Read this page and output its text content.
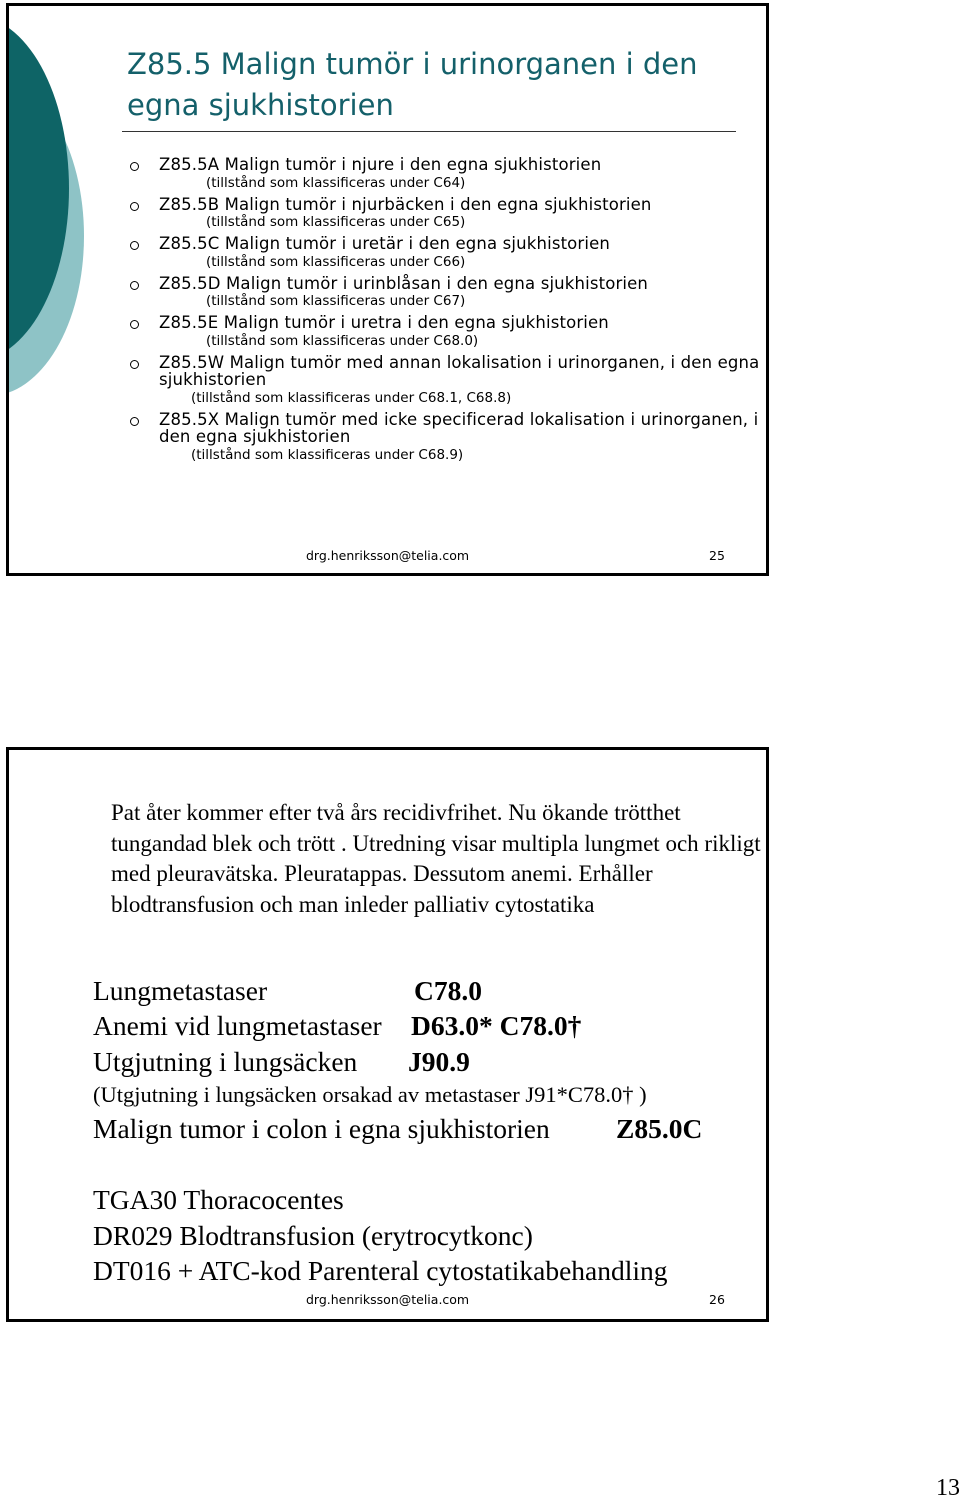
Z85.5 Malign tumör i urinorganen i den egna sjukhistorien
Z85.5A Malign tumör i njure i den egna sjukhistorien
(tillstånd som klassificeras under C64)
Z85.5B Malign tumör i njurbäcken i den egna sjukhistorien
(tillstånd som klassificeras under C65)
Z85.5C Malign tumör i uretär i den egna sjukhistorien
(tillstånd som klassificeras under C66)
Z85.5D Malign tumör i urinblåsan i den egna sjukhistorien
(tillstånd som klassificeras under C67)
Z85.5E Malign tumör i uretra i den egna sjukhistorien
(tillstånd som klassificeras under C68.0)
Z85.5W Malign tumör med annan lokalisation i urinorganen, i den egna sjukhistorien
(tillstånd som klassificeras under C68.1, C68.8)
Z85.5X Malign tumör med icke specificerad lokalisation i urinorganen, i den egna sjukhistorien
(tillstånd som klassificeras under C68.9)
drg.henriksson@telia.com	25

Pat åter kommer efter två års recidivfrihet. Nu ökande trötthet tungandad blek och trött . Utredning visar multipla lungmet och rikligt med pleuravätska. Pleuratappas. Dessutom anemi. Erhåller blodtransfusion och man inleder palliativ cytostatika

Lungmetastaser	C78.0
Anemi vid lungmetastaser D63.0* C78.0†
Utgjutning i lungsäcken J90.9
(Utgjutning i lungsäcken orsakad av metastaser J91*C78.0† )
Malign tumor i colon i egna sjukhistorien Z85.0C
TGA30 Thoracocentes
DR029 Blodtransfusion (erytrocytkonc)
DT016 + ATC-kod Parenteral cytostatikabehandling
drg.henriksson@telia.com	26
13
